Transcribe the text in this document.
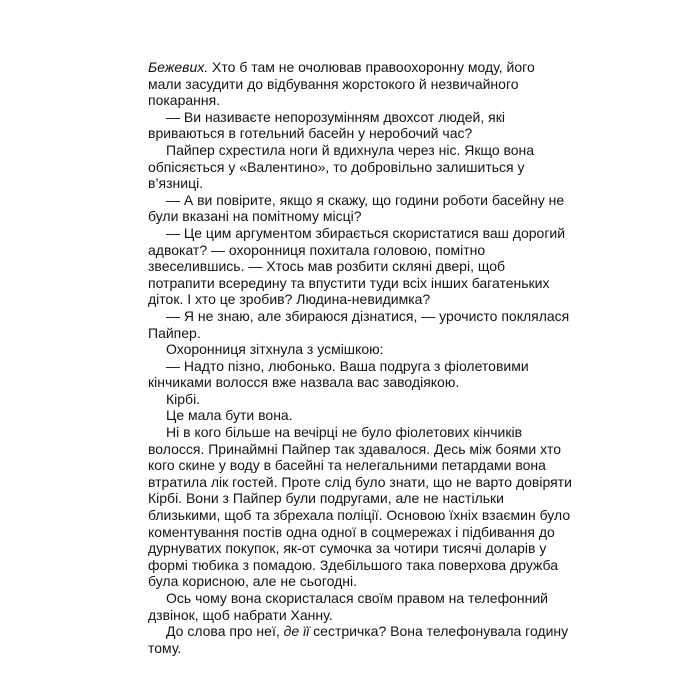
Бежевих. Хто б там не очолював правоохоронну моду, його мали засудити до відбування жорстокого й незвичайного покарання.

— Ви називаєте непорозумінням двохсот людей, які вриваються в готельний басейн у неробочий час?

Пайпер схрестила ноги й вдихнула через ніс. Якщо вона обпісяється у «Валентино», то добровільно залишиться у в’язниці.

— А ви повірите, якщо я скажу, що години роботи басейну не були вказані на помітному місці?

— Це цим аргументом збирається скористатися ваш дорогий адвокат? — охоронниця похитала головою, помітно звеселившись. — Хтось мав розбити скляні двері, щоб потрапити всередину та впустити туди всіх інших багатеньких діток. І хто це зробив? Людина-невидимка?

— Я не знаю, але збираюся дізнатися, — урочисто поклялася Пайпер.

Охоронниця зітхнула з усмішкою:

— Надто пізно, любонько. Ваша подруга з фіолетовими кінчиками волосся вже назвала вас заводіякою.

Кірбі.

Це мала бути вона.

Ні в кого більше на вечірці не було фіолетових кінчиків волосся. Принаймні Пайпер так здавалося. Десь між боями хто кого скине у воду в басейні та нелегальними петардами вона втратила лік гостей. Проте слід було знати, що не варто довіряти Кірбі. Вони з Пайпер були подругами, але не настільки близькими, щоб та збрехала поліції. Основою їхніх взаємин було коментування постів одна одної в соцмережах і підбивання до дурнуватих покупок, як-от сумочка за чотири тисячі доларів у формі тюбика з помадою. Здебільшого така поверхова дружба була корисною, але не сьогодні.

Ось чому вона скористалася своїм правом на телефонний дзвінок, щоб набрати Ханну.

До слова про неї, де її сестричка? Вона телефонувала годину тому.
